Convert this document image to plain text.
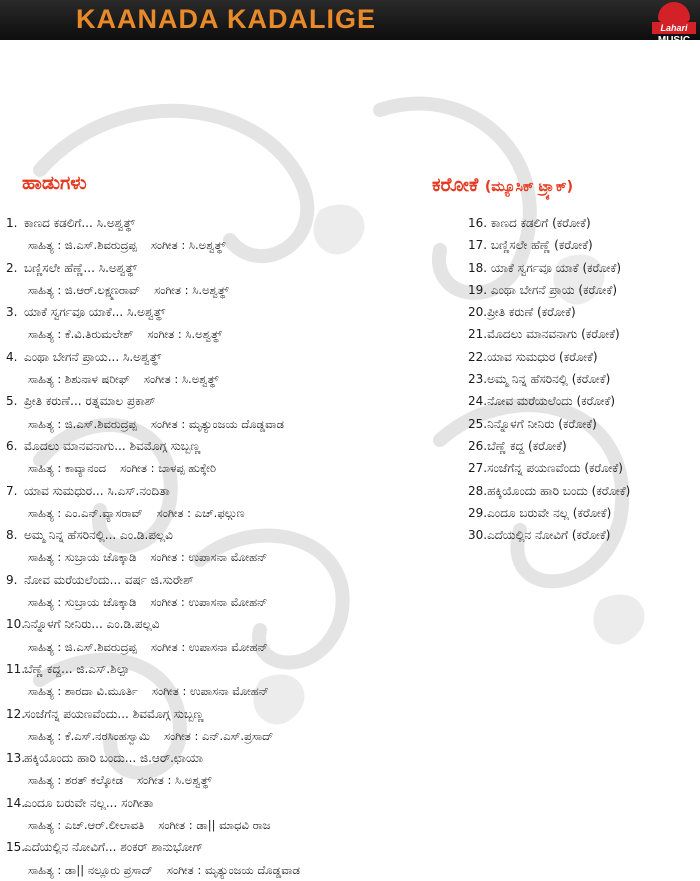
KAANADA KADALIGE	Lahari
MUSIC
ಹಾಡುಗಳು	ಕರೋಕೆ (ಮ್ಯೂಸಿಕ್ ಟ್ರ್ಯಾಕ್)
1. ಕಾಣದ ಕಡಲಿಗೆ... ಸಿ.ಅಶ್ವತ್ಥ್
ಸಾಹಿತ್ಯ : ಜಿ.ಎಸ್.ಶಿವರುದ್ರಪ್ಪ ಸಂಗೀತ : ಸಿ.ಅಶ್ವತ್ಥ್
2. ಬಣ್ಣಿಸಲೇ ಹೆಣ್ಣೆ... ಸಿ.ಅಶ್ವತ್ಥ್
ಸಾಹಿತ್ಯ : ಜಿ.ಆರ್.ಲಕ್ಷ್ಮಣರಾವ್ ಸಂಗೀತ : ಸಿ.ಅಶ್ವತ್ಥ್
3. ಯಾಕೆ ಸ್ವರ್ಗವೂ ಯಾಕೆ... ಸಿ.ಅಶ್ವತ್ಥ್
ಸಾಹಿತ್ಯ : ಕೆ.ವಿ.ತಿರುಮಲೇಶ್ ಸಂಗೀತ : ಸಿ.ಅಶ್ವತ್ಥ್
4. ಎಂಥಾ ಬೇಗನೆ ಪ್ರಾಯ... ಸಿ.ಅಶ್ವತ್ಥ್
ಸಾಹಿತ್ಯ : ಶಿಶುನಾಳ ಷರೀಫ್ ಸಂಗೀತ : ಸಿ.ಅಶ್ವತ್ಥ್
5. ಪ್ರೀತಿ ಕರುಣೆ... ರತ್ನಮಾಲ ಪ್ರಕಾಶ್
ಸಾಹಿತ್ಯ : ಜಿ.ಎಸ್.ಶಿವರುದ್ರಪ್ಪ ಸಂಗೀತ : ಮೃತ್ಯುಂಜಯ ದೊಡ್ಡವಾಡ
6. ಮೊದಲು ಮಾನವನಾಗು... ಶಿವಮೊಗ್ಗ ಸುಬ್ಬಣ್ಣ
ಸಾಹಿತ್ಯ : ಕಾವ್ಯಾನಂದ ಸಂಗೀತ : ಬಾಳಪ್ಪ ಹುಕ್ಕೇರಿ
7. ಯಾವ ಸುಮಧುರ... ಸಿ.ಎಸ್.ನಂದಿತಾ
ಸಾಹಿತ್ಯ : ಎಂ.ಎನ್.ವ್ಯಾಸರಾವ್ ಸಂಗೀತ : ಎಚ್.ಫಲ್ಗುಣ
8. ಅಮ್ಮ ನಿನ್ನ ಹೆಸರಿನಲ್ಲಿ... ಎಂ.ಡಿ.ಪಲ್ಲವಿ
ಸಾಹಿತ್ಯ : ಸುಬ್ರಾಯ ಚೊಕ್ಕಾಡಿ ಸಂಗೀತ : ಉಪಾಸನಾ ಮೋಹನ್
9. ನೋವ ಮರೆಯಲೆಂದು... ವರ್ಷ ಜಿ.ಸುರೇಶ್
ಸಾಹಿತ್ಯ : ಸುಬ್ರಾಯ ಚೊಕ್ಕಾಡಿ ಸಂಗೀತ : ಉಪಾಸನಾ ಮೋಹನ್
10.ನಿನ್ನೊಳಗೆ ನೀನಿರು... ಎಂ.ಡಿ.ಪಲ್ಲವಿ
ಸಾಹಿತ್ಯ : ಜಿ.ಎಸ್.ಶಿವರುದ್ರಪ್ಪ ಸಂಗೀತ : ಉಪಾಸನಾ ಮೋಹನ್
11.ಬೆಣ್ಣೆ ಕದ್ದ... ಜಿ.ಎಸ್.ಶಿಲ್ಪಾ
ಸಾಹಿತ್ಯ : ಶಾರದಾ ವಿ.ಮೂರ್ತಿ ಸಂಗೀತ : ಉಪಾಸನಾ ಮೋಹನ್
12.ಸಂಜೆಗೆನ್ನ ಪಯಣವೆಂದು... ಶಿವಮೊಗ್ಗ ಸುಬ್ಬಣ್ಣ
ಸಾಹಿತ್ಯ : ಕೆ.ಎಸ್.ನರಸಿಂಹಸ್ವಾಮಿ ಸಂಗೀತ : ಎನ್.ಎಸ್.ಪ್ರಸಾದ್
13.ಹಕ್ಕಿಯೊಂದು ಹಾರಿ ಬಂದು... ಜಿ.ಆರ್.ಛಾಯಾ
ಸಾಹಿತ್ಯ : ಶರತ್ ಕಲ್ಕೋಡ ಸಂಗೀತ : ಸಿ.ಅಶ್ವತ್ಥ್
14.ಎಂದೂ ಬರುವೇ ನಲ್ಲ... ಸಂಗೀತಾ
ಸಾಹಿತ್ಯ : ಎಚ್.ಆರ್.ಲೀಲಾವತಿ ಸಂಗೀತ : ಡಾ|| ಮಾಧವಿ ರಾಜ
15.ಎದೆಯಲ್ಲಿನ ನೋವಿಗೆ... ಶಂಕರ್ ಶಾನುಭೋಗ್
ಸಾಹಿತ್ಯ : ಡಾ|| ನಲ್ಲೂರು ಪ್ರಸಾದ್ ಸಂಗೀತ : ಮೃತ್ಯುಂಜಯ ದೊಡ್ಡವಾಡ
16. ಕಾಣದ ಕಡಲಿಗೆ (ಕರೋಕೆ)
17. ಬಣ್ಣಿಸಲೇ ಹೆಣ್ಣೆ (ಕರೋಕೆ)
18. ಯಾಕೆ ಸ್ವರ್ಗವೂ ಯಾಕೆ (ಕರೋಕೆ)
19. ಎಂಥಾ ಬೇಗನೆ ಪ್ರಾಯ (ಕರೋಕೆ)
20.ಪ್ರೀತಿ ಕರುಣೆ (ಕರೋಕೆ)
21.ಮೊದಲು ಮಾನವನಾಗು (ಕರೋಕೆ)
22.ಯಾವ ಸುಮಧುರ (ಕರೋಕೆ)
23.ಅಮ್ಮ ನಿನ್ನ ಹೆಸರಿನಲ್ಲಿ (ಕರೋಕೆ)
24.ನೋವ ಮರೆಯಲೆಂದು (ಕರೋಕೆ)
25.ನಿನ್ನೊಳಗೆ ನೀನಿರು (ಕರೋಕೆ)
26.ಬೆಣ್ಣೆ ಕದ್ದ (ಕರೋಕೆ)
27.ಸಂಜೆಗೆನ್ನ ಪಯಣವೆಂದು (ಕರೋಕೆ)
28.ಹಕ್ಕಿಯೊಂದು ಹಾರಿ ಬಂದು (ಕರೋಕೆ)
29.ಎಂದೂ ಬರುವೇ ನಲ್ಲ (ಕರೋಕೆ)
30.ಎದೆಯಲ್ಲಿನ ನೋವಿಗೆ (ಕರೋಕೆ)
